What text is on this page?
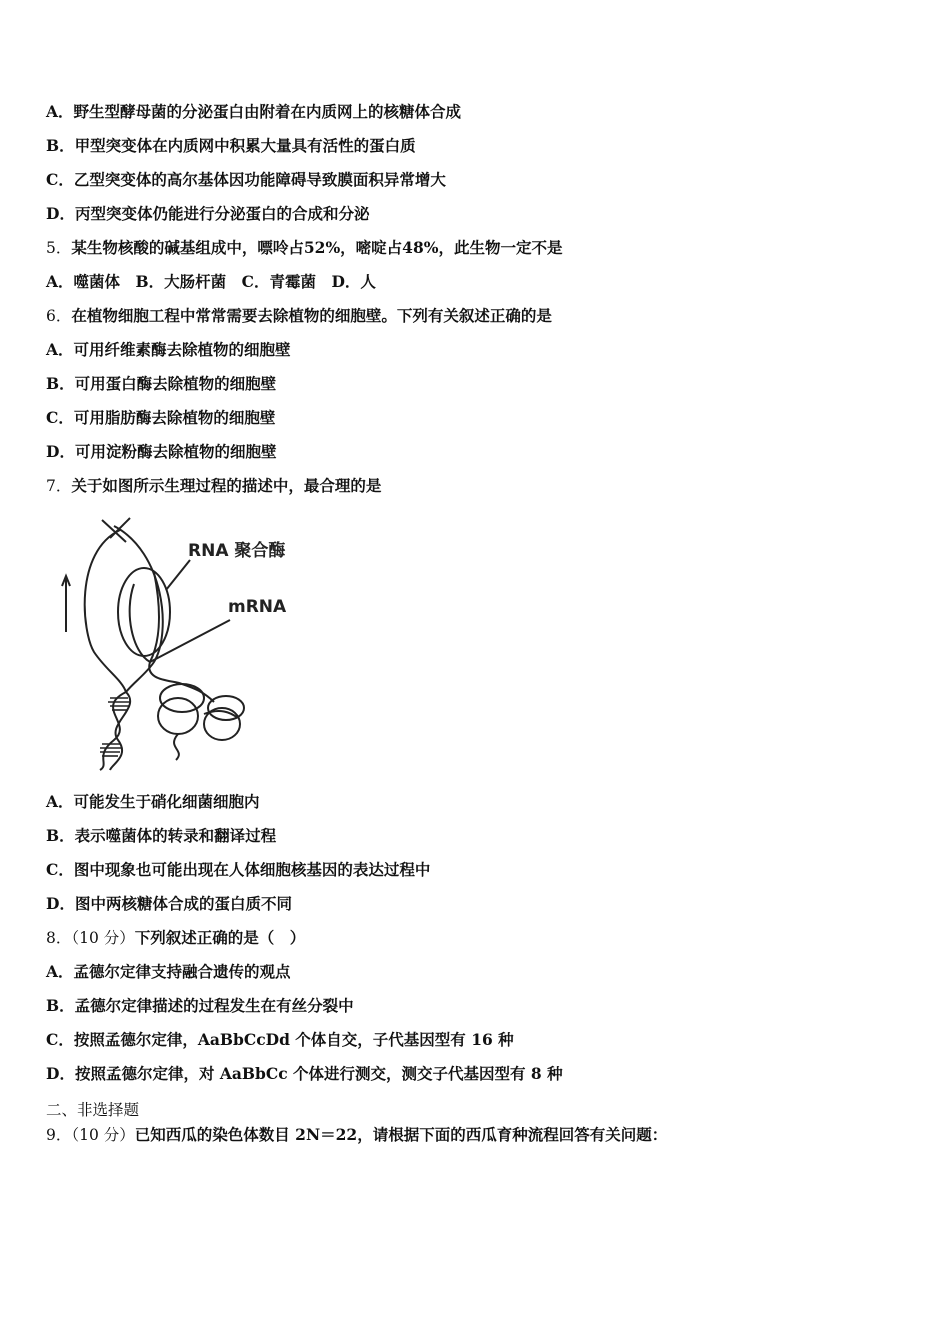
A．野生型酵母菌的分泌蛋白由附着在内质网上的核糖体合成
B．甲型突变体在内质网中积累大量具有活性的蛋白质
C．乙型突变体的高尔基体因功能障碍导致膜面积异常增大
D．丙型突变体仍能进行分泌蛋白的合成和分泌
5．某生物核酸的碱基组成中，嘌呤占52%，嘧啶占48%，此生物一定不是
A．噬菌体　B．大肠杆菌　C．青霉菌　D．人
6．在植物细胞工程中常常需要去除植物的细胞壁。下列有关叙述正确的是
A．可用纤维素酶去除植物的细胞壁
B．可用蛋白酶去除植物的细胞壁
C．可用脂肪酶去除植物的细胞壁
D．可用淀粉酶去除植物的细胞壁
7．关于如图所示生理过程的描述中，最合理的是
RNA 聚合酶
mRNA
A．可能发生于硝化细菌细胞内
B．表示噬菌体的转录和翻译过程
C．图中现象也可能出现在人体细胞核基因的表达过程中
D．图中两核糖体合成的蛋白质不同
8．（10 分）下列叙述正确的是（　）
A．孟德尔定律支持融合遗传的观点
B．孟德尔定律描述的过程发生在有丝分裂中
C．按照孟德尔定律，AaBbCcDd 个体自交，子代基因型有 16 种
D．按照孟德尔定律，对 AaBbCc 个体进行测交，测交子代基因型有 8 种
二、非选择题
9．（10 分）已知西瓜的染色体数目 2N＝22，请根据下面的西瓜育种流程回答有关问题：
